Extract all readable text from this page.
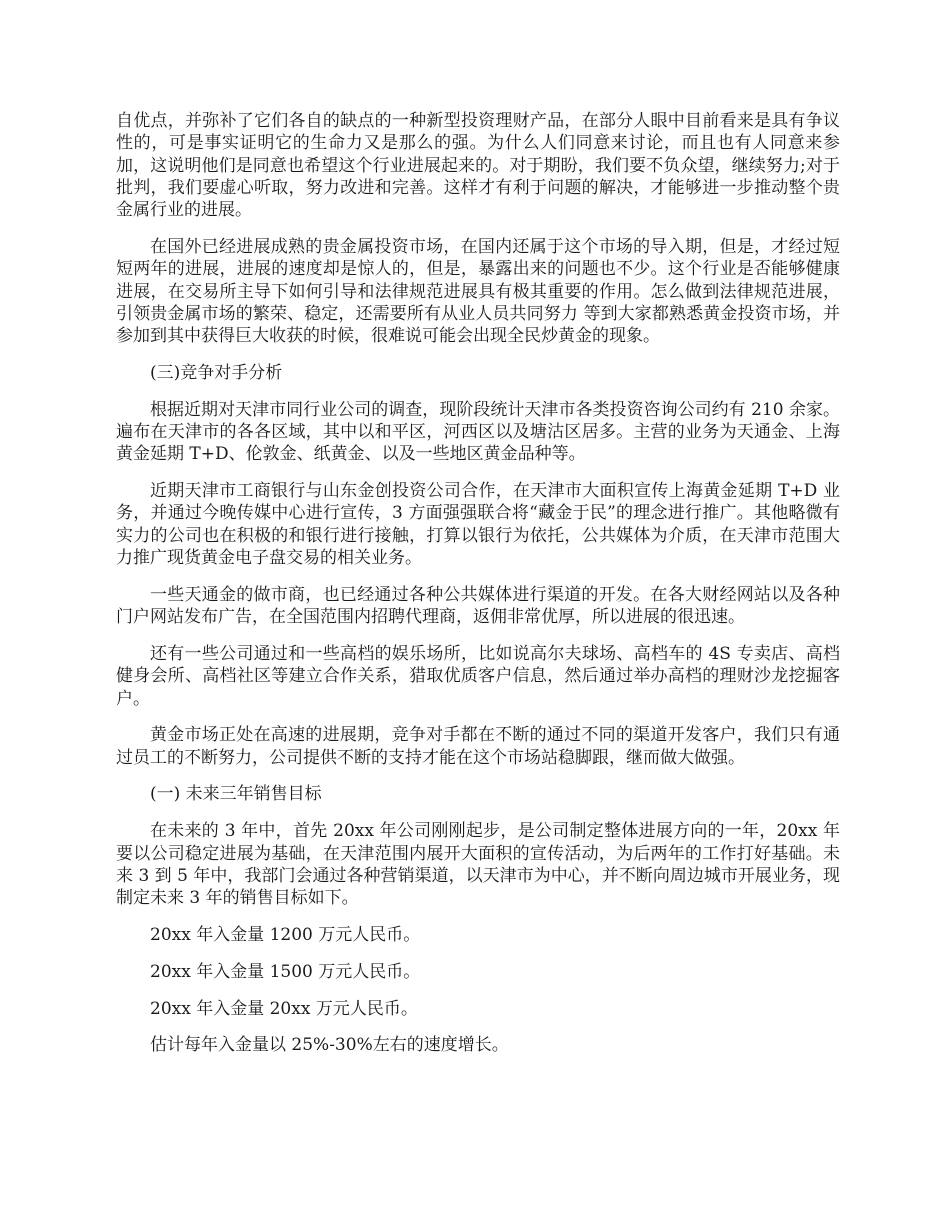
自优点，并弥补了它们各自的缺点的一种新型投资理财产品，在部分人眼中目前看来是具有争议性的，可是事实证明它的生命力又是那么的强。为什么人们同意来讨论，而且也有人同意来参加，这说明他们是同意也希望这个行业进展起来的。对于期盼，我们要不负众望，继续努力;对于批判，我们要虚心听取，努力改进和完善。这样才有利于问题的解决，才能够进一步推动整个贵金属行业的进展。

在国外已经进展成熟的贵金属投资市场，在国内还属于这个市场的导入期，但是，才经过短短两年的进展，进展的速度却是惊人的，但是，暴露出来的问题也不少。这个行业是否能够健康进展，在交易所主导下如何引导和法律规范进展具有极其重要的作用。怎么做到法律规范进展，引领贵金属市场的繁荣、稳定，还需要所有从业人员共同努力 等到大家都熟悉黄金投资市场，并参加到其中获得巨大收获的时候，很难说可能会出现全民炒黄金的现象。

(三)竞争对手分析

根据近期对天津市同行业公司的调查，现阶段统计天津市各类投资咨询公司约有 210 余家。遍布在天津市的各各区域，其中以和平区，河西区以及塘沽区居多。主营的业务为天通金、上海黄金延期 T+D、伦敦金、纸黄金、以及一些地区黄金品种等。

近期天津市工商银行与山东金创投资公司合作，在天津市大面积宣传上海黄金延期 T+D 业务，并通过今晚传媒中心进行宣传，3 方面强强联合将“藏金于民”的理念进行推广。其他略微有实力的公司也在积极的和银行进行接触，打算以银行为依托，公共媒体为介质，在天津市范围大力推广现货黄金电子盘交易的相关业务。

一些天通金的做市商，也已经通过各种公共媒体进行渠道的开发。在各大财经网站以及各种门户网站发布广告，在全国范围内招聘代理商，返佣非常优厚，所以进展的很迅速。

还有一些公司通过和一些高档的娱乐场所，比如说高尔夫球场、高档车的 4S 专卖店、高档健身会所、高档社区等建立合作关系，猎取优质客户信息，然后通过举办高档的理财沙龙挖掘客户。

黄金市场正处在高速的进展期，竞争对手都在不断的通过不同的渠道开发客户，我们只有通过员工的不断努力，公司提供不断的支持才能在这个市场站稳脚跟，继而做大做强。

(一) 未来三年销售目标

在未来的 3 年中，首先 20xx 年公司刚刚起步，是公司制定整体进展方向的一年，20xx 年要以公司稳定进展为基础，在天津范围内展开大面积的宣传活动，为后两年的工作打好基础。未来 3 到 5 年中，我部门会通过各种营销渠道，以天津市为中心，并不断向周边城市开展业务，现制定未来 3 年的销售目标如下。

20xx 年入金量 1200 万元人民币。

20xx 年入金量 1500 万元人民币。

20xx 年入金量 20xx 万元人民币。

估计每年入金量以 25%-30%左右的速度增长。
